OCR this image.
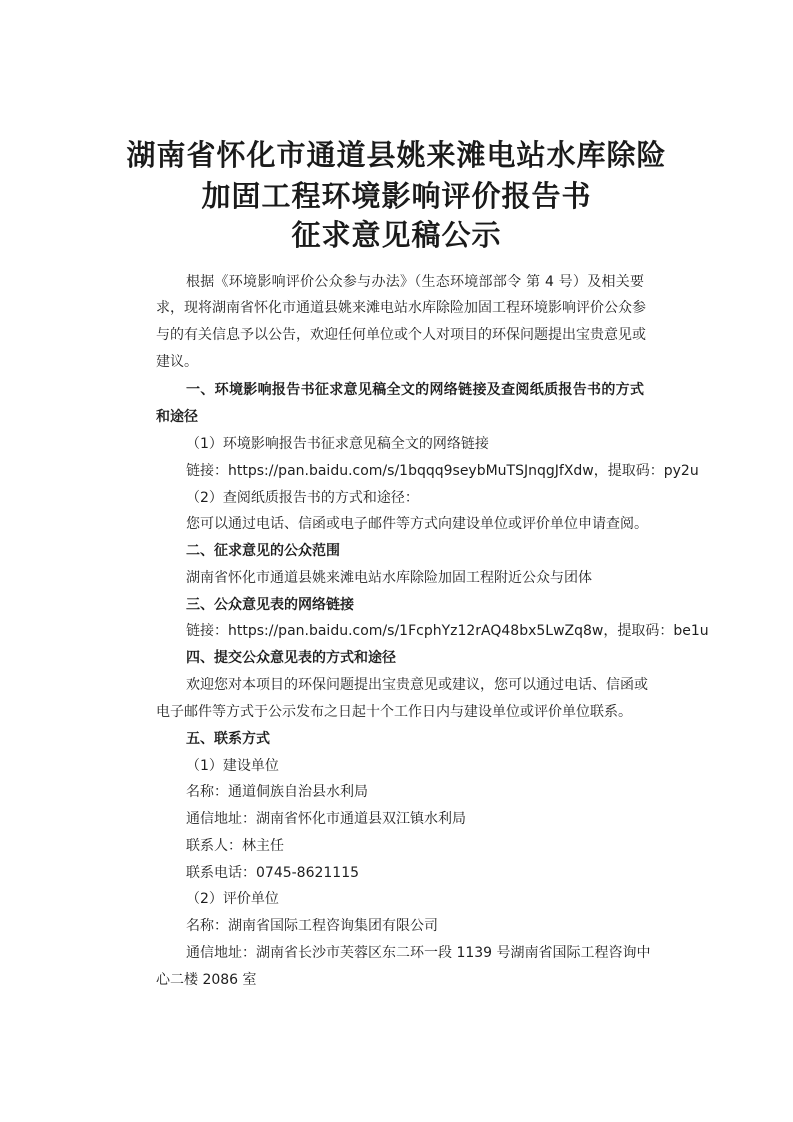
湖南省怀化市通道县姚来滩电站水库除险
加固工程环境影响评价报告书
征求意见稿公示
根据《环境影响评价公众参与办法》（生态环境部部令 第 4 号）及相关要
求，现将湖南省怀化市通道县姚来滩电站水库除险加固工程环境影响评价公众参
与的有关信息予以公告，欢迎任何单位或个人对项目的环保问题提出宝贵意见或
建议。
一、环境影响报告书征求意见稿全文的网络链接及查阅纸质报告书的方式
和途径
（1）环境影响报告书征求意见稿全文的网络链接
链接：https://pan.baidu.com/s/1bqqq9seybMuTSJnqgJfXdw，提取码：py2u
（2）查阅纸质报告书的方式和途径：
您可以通过电话、信函或电子邮件等方式向建设单位或评价单位申请查阅。
二、征求意见的公众范围
湖南省怀化市通道县姚来滩电站水库除险加固工程附近公众与团体
三、公众意见表的网络链接
链接：https://pan.baidu.com/s/1FcphYz12rAQ48bx5LwZq8w，提取码：be1u
四、提交公众意见表的方式和途径
欢迎您对本项目的环保问题提出宝贵意见或建议，您可以通过电话、信函或
电子邮件等方式于公示发布之日起十个工作日内与建设单位或评价单位联系。
五、联系方式
（1）建设单位
名称：通道侗族自治县水利局
通信地址：湖南省怀化市通道县双江镇水利局
联系人：林主任
联系电话：0745-8621115
（2）评价单位
名称：湖南省国际工程咨询集团有限公司
通信地址：湖南省长沙市芙蓉区东二环一段 1139 号湖南省国际工程咨询中
心二楼 2086 室
